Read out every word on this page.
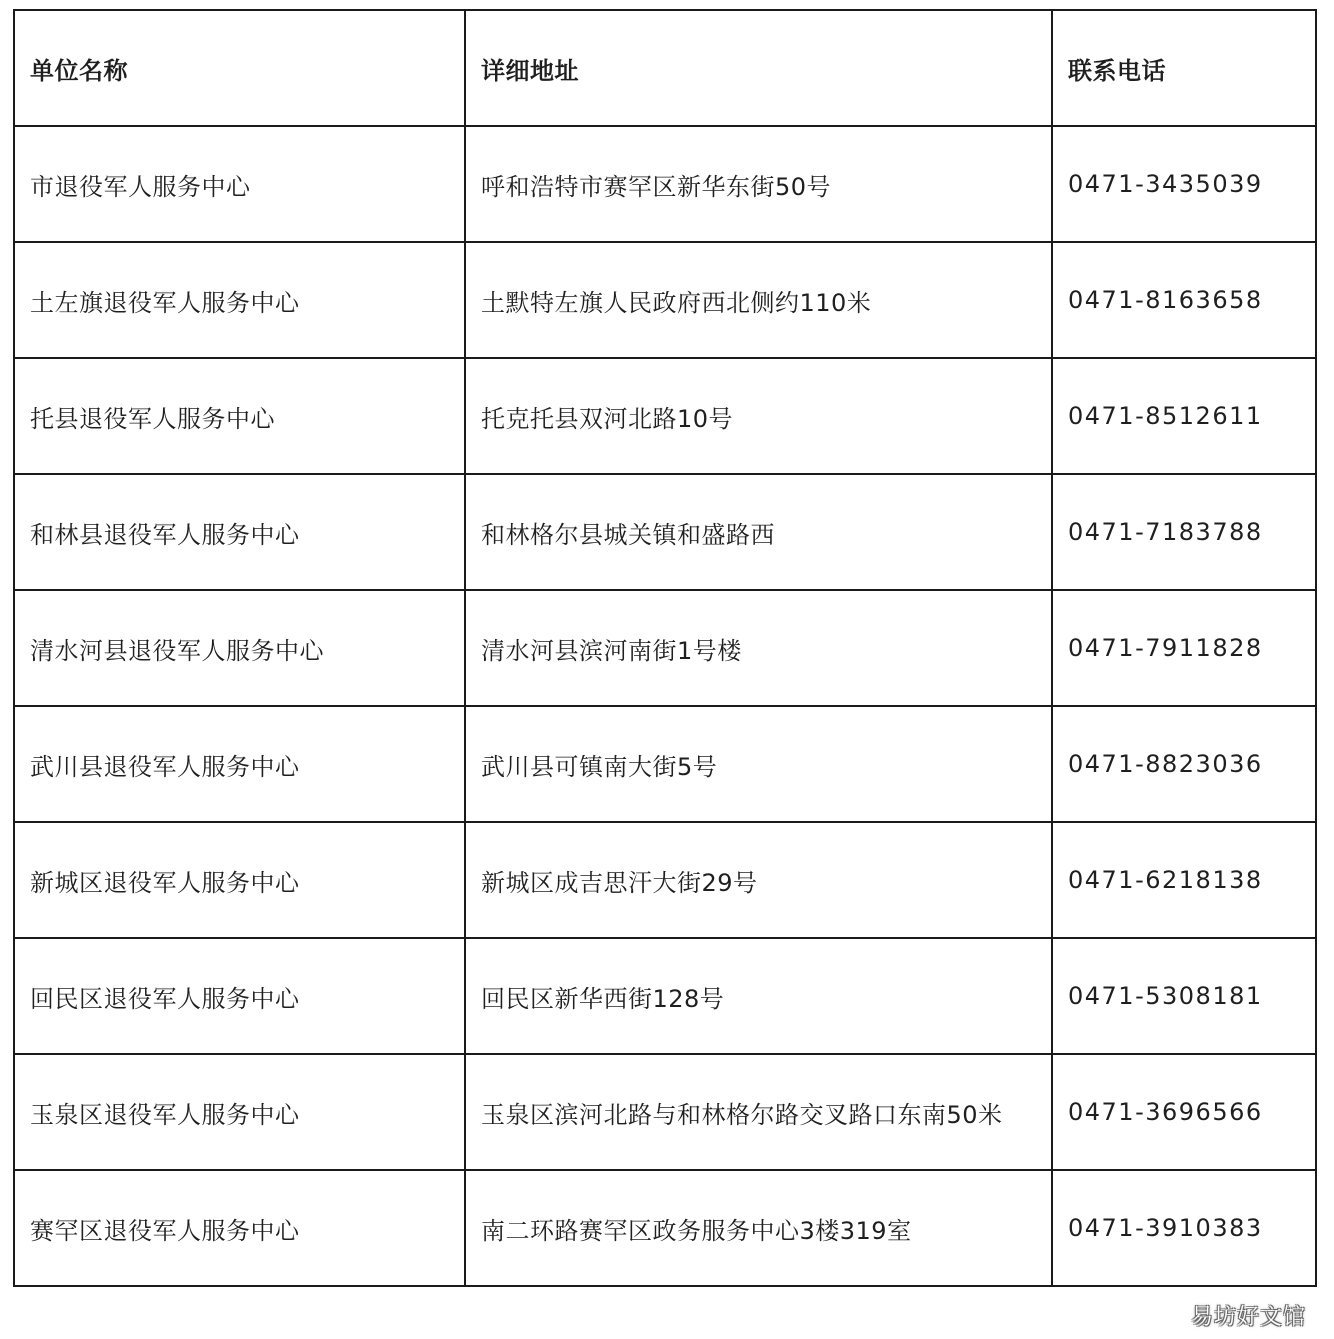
单位名称	详细地址	联系电话
市退役军人服务中心	呼和浩特市赛罕区新华东街50号	0471-3435039
土左旗退役军人服务中心	土默特左旗人民政府西北侧约110米	0471-8163658
托县退役军人服务中心	托克托县双河北路10号	0471-8512611
和林县退役军人服务中心	和林格尔县城关镇和盛路西	0471-7183788
清水河县退役军人服务中心	清水河县滨河南街1号楼	0471-7911828
武川县退役军人服务中心	武川县可镇南大街5号	0471-8823036
新城区退役军人服务中心	新城区成吉思汗大街29号	0471-6218138
回民区退役军人服务中心	回民区新华西街128号	0471-5308181
玉泉区退役军人服务中心	玉泉区滨河北路与和林格尔路交叉路口东南50米	0471-3696566
赛罕区退役军人服务中心	南二环路赛罕区政务服务中心3楼319室	0471-3910383
易坊好文馆
